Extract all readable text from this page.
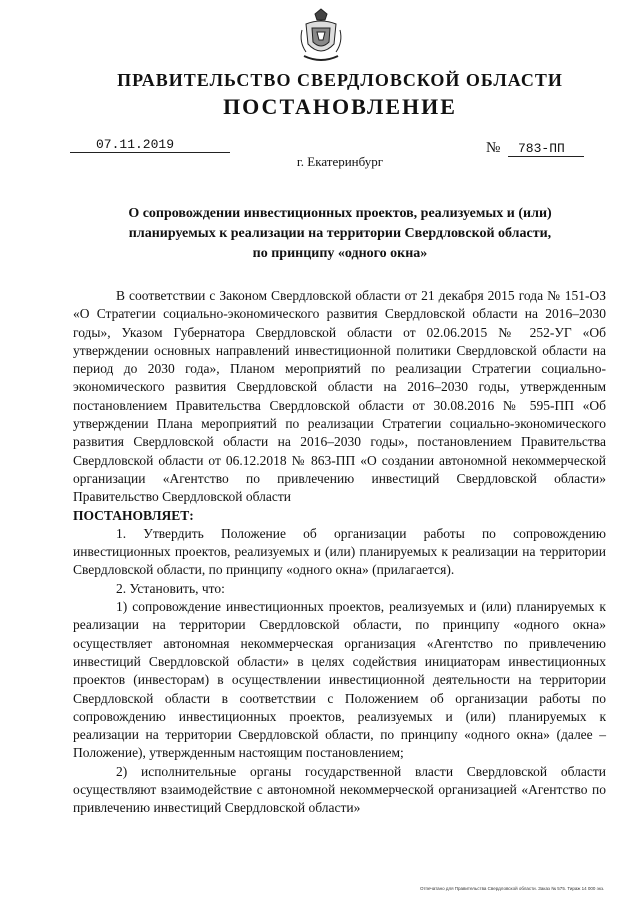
ПРАВИТЕЛЬСТВО СВЕРДЛОВСКОЙ ОБЛАСТИ
ПОСТАНОВЛЕНИЕ
07.11.2019	№ 783-ПП
г. Екатеринбург
О сопровождении инвестиционных проектов, реализуемых и (или)
планируемых к реализации на территории Свердловской области,
по принципу «одного окна»

В соответствии с Законом Свердловской области от 21 декабря 2015 года № 151-ОЗ «О Стратегии социально-экономического развития Свердловской области на 2016–2030 годы», Указом Губернатора Свердловской области от 02.06.2015 № 252-УГ «Об утверждении основных направлений инвестиционной политики Свердловской области на период до 2030 года», Планом мероприятий по реализации Стратегии социально-экономического развития Свердловской области на 2016–2030 годы, утвержденным постановлением Правительства Свердловской области от 30.08.2016 № 595-ПП «Об утверждении Плана мероприятий по реализации Стратегии социально-экономического развития Свердловской области на 2016–2030 годы», постановлением Правительства Свердловской области от 06.12.2018 № 863-ПП «О создании автономной некоммерческой организации «Агентство по привлечению инвестиций Свердловской области» Правительство Свердловской области

ПОСТАНОВЛЯЕТ:

1. Утвердить Положение об организации работы по сопровождению инвестиционных проектов, реализуемых и (или) планируемых к реализации на территории Свердловской области, по принципу «одного окна» (прилагается).

2. Установить, что:

1) сопровождение инвестиционных проектов, реализуемых и (или) планируемых к реализации на территории Свердловской области, по принципу «одного окна» осуществляет автономная некоммерческая организация «Агентство по привлечению инвестиций Свердловской области» в целях содействия инициаторам инвестиционных проектов (инвесторам) в осуществлении инвестиционной деятельности на территории Свердловской области в соответствии с Положением об организации работы по сопровождению инвестиционных проектов, реализуемых и (или) планируемых к реализации на территории Свердловской области, по принципу «одного окна» (далее – Положение), утвержденным настоящим постановлением;

2) исполнительные органы государственной власти Свердловской области осуществляют взаимодействие с автономной некоммерческой организацией «Агентство по привлечению инвестиций Свердловской области»

Отпечатано для Правительства Свердловской области. Заказ № 575. Тираж 14 000 экз.
